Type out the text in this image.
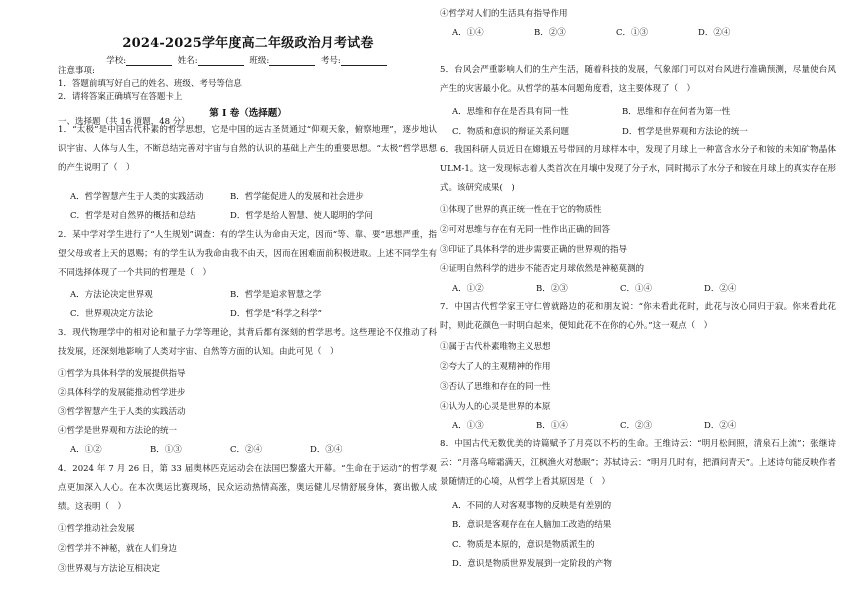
2024-2025学年度高二年级政治月考试卷
学校:	姓名:	班级:	考号:
注意事项:
1．答题前填写好自己的姓名、班级、考号等信息
2．请将答案正确填写在答题卡上
第 I 卷（选择题）
一、选择题（共 16 道题，48 分）
1．“太极”是中国古代朴素的哲学思想，它是中国的远古圣贤通过“仰观天象，俯察地理”，逐步地认识宇宙、人体与人生，不断总结完善对宇宙与自然的认识的基础上产生的重要思想。“太极”哲学思想的产生说明了（　）
A．哲学智慧产生于人类的实践活动	B．哲学能促进人的发展和社会进步
C．哲学是对自然界的概括和总结	D．哲学是给人智慧、使人聪明的学问
2．某中学对学生进行了“人生规划”调查：有的学生认为命由天定，因而“等、靠、要”思想严重，指望父母或者上天的恩赐；有的学生认为我命由我不由天，因而在困难面前积极进取。上述不同学生有不同选择体现了一个共同的哲理是（　）
A．方法论决定世界观	B．哲学是追求智慧之学
C．世界观决定方法论	D．哲学是“科学之科学”
3．现代物理学中的相对论和量子力学等理论，其背后都有深刻的哲学思考。这些理论不仅推动了科技发展，还深刻地影响了人类对宇宙、自然等方面的认知。由此可见（　）
①哲学为具体科学的发展提供指导
②具体科学的发展能推动哲学进步
③哲学智慧产生于人类的实践活动
④哲学是世界观和方法论的统一
A．①②	B．①③	C．②④	D．③④
4．2024 年 7 月 26 日，第 33 届奥林匹克运动会在法国巴黎盛大开幕。“生命在于运动”的哲学观点更加深入人心。在本次奥运比赛现场，民众运动热情高涨，奥运健儿尽情舒展身体，赛出傲人成绩。这表明（　）
①哲学推动社会发展
②哲学并不神秘，就在人们身边
③世界观与方法论互相决定
④哲学对人们的生活具有指导作用
A．①④	B．②③	C．①③	D．②④
5．台风会严重影响人们的生产生活，随着科技的发展，气象部门可以对台风进行准确预测，尽量使台风产生的灾害最小化。从哲学的基本问题角度看，这主要体现了（　）
A．思维和存在是否具有同一性	B．思维和存在何者为第一性
C．物质和意识的辩证关系问题	D．哲学是世界观和方法论的统一
6．我国科研人员近日在嫦娥五号带回的月球样本中，发现了月球上一种富含水分子和铵的未知矿物晶体ULM-1。这一发现标志着人类首次在月壤中发现了分子水，同时揭示了水分子和铵在月球上的真实存在形式。该研究成果(　)
①体现了世界的真正统一性在于它的物质性
②可对思维与存在有无同一性作出正确的回答
③印证了具体科学的进步需要正确的世界观的指导
④证明自然科学的进步不能否定月球依然是神秘莫测的
A．①②	B．②③	C．①④	D．②④
7．中国古代哲学家王守仁曾就路边的花和朋友说：“你未看此花时，此花与汝心同归于寂。你来看此花时，则此花颜色一时明白起来，便知此花不在你的心外。”这一观点（　）
①属于古代朴素唯物主义思想
②夸大了人的主观精神的作用
③否认了思维和存在的同一性
④认为人的心灵是世界的本原
A．①③	B．①④	C．②③	D．②④
8．中国古代无数优美的诗篇赋予了月亮以不朽的生命。王维诗云：“明月松间照，清泉石上流”；张继诗云：“月落乌啼霜满天，江枫渔火对愁眠”；苏轼诗云：“明月几时有，把酒问青天”。上述诗句能反映作者景随情迁的心境，从哲学上看其原因是（　）
A．不同的人对客观事物的反映是有差别的
B．意识是客观存在在人脑加工改造的结果
C．物质是本原的，意识是物质派生的
D．意识是物质世界发展到一定阶段的产物
